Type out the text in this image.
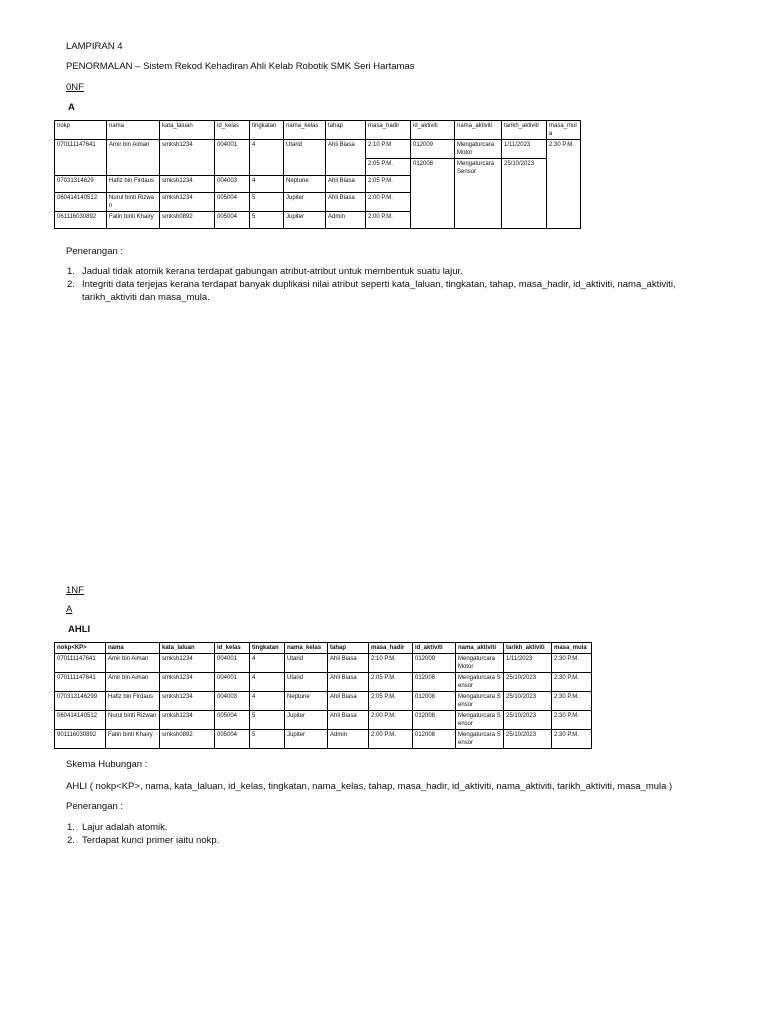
LAMPIRAN 4
PENORMALAN – Sistem Rekod Kehadiran Ahli Kelab Robotik SMK Seri Hartamas
0NF
A
nokp	nama	kata_laluan	id_kelas	tingkatan	nama_kelas	tahap	masa_hadir	id_aktiviti	nama_aktiviti	tarikh_aktiviti	masa_mula
070111147641	Amir bin Aiman	smksh1234	004001	4	Utarid	Ahli Biasa	2:10 P.M	012009	Mengaturcara Motor	1/11/2023	2:30 P.M.
							2:05 P.M.	012008	Mengaturcara Sensor	25/10/2023	
07031314629	Hafiz bin Firdaus	smksh1234	004003	4	Neptune	Ahli Biasa	2:05 P.M.				
060414140512	Nurul binti Rizwan	smksh1234	005004	5	Jupiter	Ahli Biasa	2:00 P.M.				
061116030892	Fatin binti Khairy	smksh0892	005004	5	Jupiter	Admin	2:00 P.M.				
Penerangan :
1. Jadual tidak atomik kerana terdapat gabungan atribut-atribut untuk membentuk suatu lajur.
2. Integriti data terjejas kerana terdapat banyak duplikasi nilai atribut seperti kata_laluan, tingkatan, tahap, masa_hadir, id_aktiviti, nama_aktiviti,
tarikh_aktiviti dan masa_mula.
1NF
A
AHLI
nokp<KP>	nama	kata_laluan	id_kelas	tingkatan	nama_kelas	tahap	masa_hadir	id_aktiviti	nama_aktiviti	tarikh_aktiviti	masa_mula
070111147641	Amir bin Aiman	smksh1234	004001	4	Utarid	Ahli Biasa	2:10 P.M.	012009	Mengaturcara Motor	1/11/2023	2:30 P.M.
070111147641	Amir bin Aiman	smksh1234	004001	4	Utarid	Ahli Biasa	2:05 P.M.	012008	Mengaturcara Sensor	25/10/2023	2:30 P.M.
070313146299	Hafiz bin Firdaus	smksh1234	004003	4	Neptune	Ahli Biasa	2:05 P.M.	012008	Mengaturcara Sensor	25/10/2023	2:30 P.M.
060414140512	Nurul binti Rizwan	smksh1234	005004	5	Jupiter	Ahli Biasa	2:00 P.M.	012008	Mengaturcara Sensor	25/10/2023	2:30 P.M.
901116030892	Fatin binti Khairy	smksh0892	005004	5	Jupiter	Admin	2:00 P.M.	012008	Mengaturcara Sensor	25/10/2023	2:30 P.M.
Skema Hubungan :
AHLI ( nokp<KP>, nama, kata_laluan, id_kelas, tingkatan, nama_kelas, tahap, masa_hadir, id_aktiviti, nama_aktiviti, tarikh_aktiviti, masa_mula )
Penerangan :
1. Lajur adalah atomik.
2. Terdapat kunci primer iaitu nokp.
